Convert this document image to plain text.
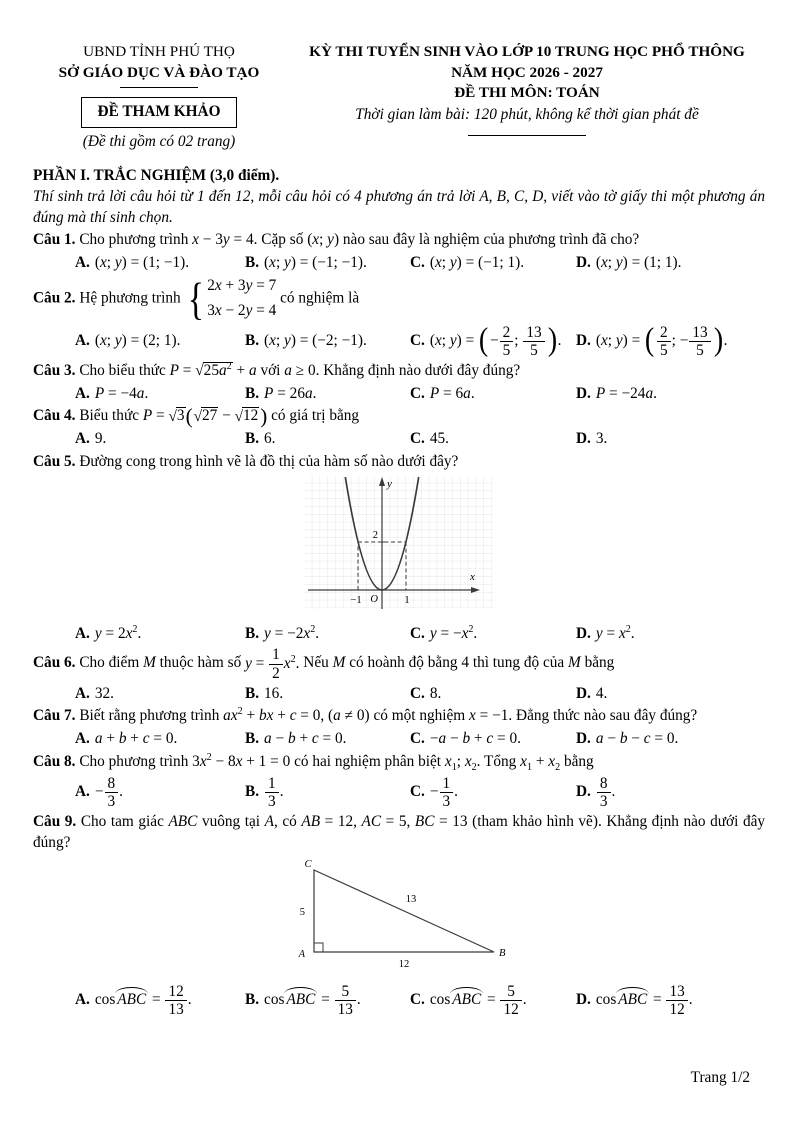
UBND TỈNH PHÚ THỌ
SỞ GIÁO DỤC VÀ ĐÀO TẠO
ĐỀ THAM KHẢO
(Đề thi gồm có 02 trang)
KỲ THI TUYỂN SINH VÀO LỚP 10 TRUNG HỌC PHỔ THÔNG
NĂM HỌC 2026 - 2027
ĐỀ THI MÔN: TOÁN
Thời gian làm bài: 120 phút, không kể thời gian phát đề
PHẦN I. TRẮC NGHIỆM (3,0 điểm).
Thí sinh trả lời câu hỏi từ 1 đến 12, mỗi câu hỏi có 4 phương án trả lời A, B, C, D, viết vào tờ giấy thi một phương án đúng mà thí sinh chọn.

Câu 1. Cho phương trình x − 3y = 4. Cặp số (x; y) nào sau đây là nghiệm của phương trình đã cho?

A. (x; y) = (1; −1).	B. (x; y) = (−1; −1).	C. (x; y) = (−1; 1).	D. (x; y) = (1; 1).

Câu 2. Hệ phương trình { 2x + 3y = 7
3x − 2y = 4
có nghiệm là

A. (x; y) = (2; 1).	B. (x; y) = (−2; −1).	C. (x; y) = ( − $\frac{2}{5}$ ; $\frac{13}{5}$ ) . D. (x; y) = ( $\frac{2}{5}$ ; − $\frac{13}{5}$ ) .

Câu 3. Cho biểu thức $P = √25a^2 + a$ với a ≥ 0. Khẳng định nào dưới đây đúng?

A. P = −4a.	B. P = 26a.	C. P = 6a.	D. P = −24a.

Câu 4. Biểu thức P = √3 ( √27 − √12 ) có giá trị bằng

A. 9.	B. 6.	C. 45.	D. 3.

Câu 5. Đường cong trong hình vẽ là đồ thị của hàm số nào dưới đây?

y
x
O
−1	1
2
A. $y = 2x^2$.	B. $y = -2x^2$.	C. $y = -x^2$.	D. $y = x^2$.

Câu 6. Cho điểm M thuộc hàm số $y = \frac{1}{2} x^2$. Nếu M có hoành độ bằng 4 thì tung độ của M bằng

A. 32.	B. 16.	C. 8.	D. 4.

Câu 7. Biết rằng phương trình $ax^2$ + bx + c = 0, (a ≠ 0) có một nghiệm x = −1. Đẳng thức nào sau đây đúng?

A. a + b + c = 0.	B. a − b + c = 0.	C. −a − b + c = 0.	D. a − b − c = 0.

Câu 8. Cho phương trình $3x^2 - 8x + 1 = 0$ có hai nghiệm phân biệt $x_1$; $x_2$. Tổng $x_1 + x_2$ bằng

A. − $\frac{8}{3}$ .	B. $\frac{1}{3}$ .	C. − $\frac{1}{3}$ .	D. $\frac{8}{3}$ .

Câu 9. Cho tam giác ABC vuông tại A, có AB = 12, AC = 5, BC = 13 (tham khảo hình vẽ). Khẳng định nào dưới đây đúng?

C
A	B
5
13
12
A. cos ABC = $\frac{12}{13}$ .	B. cos ABC = $\frac{5}{13}$ .	C. cos ABC = $\frac{5}{12}$ .	D. cos ABC = $\frac{13}{12}$ .
Trang 1/2
